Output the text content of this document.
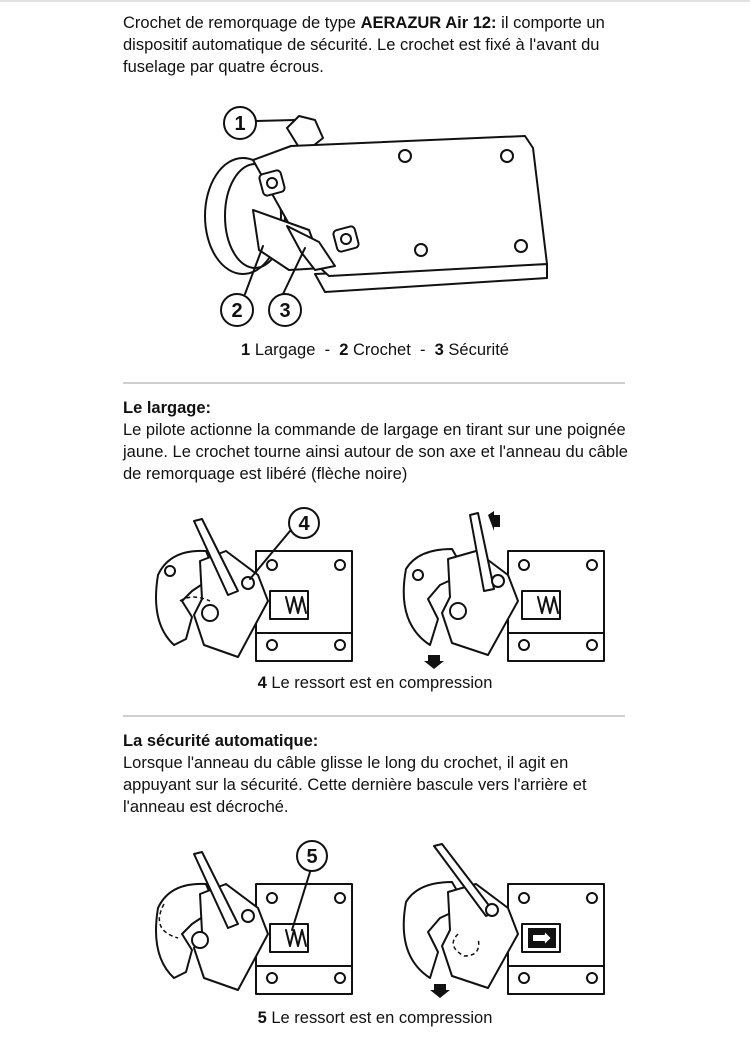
Crochet de remorquage de type AERAZUR Air 12: il comporte un dispositif automatique de sécurité. Le crochet est fixé à l'avant du fuselage par quatre écrous.

1
2 3
1 Largage - 2 Crochet - 3 Sécurité

Le largage:

Le pilote actionne la commande de largage en tirant sur une poignée jaune. Le crochet tourne ainsi autour de son axe et l'anneau du câble de remorquage est libéré (flèche noire)

4
4 Le ressort est en compression

La sécurité automatique:

Lorsque l'anneau du câble glisse le long du crochet, il agit en appuyant sur la sécurité. Cette dernière bascule vers l'arrière et l'anneau est décroché.

5
5 Le ressort est en compression
